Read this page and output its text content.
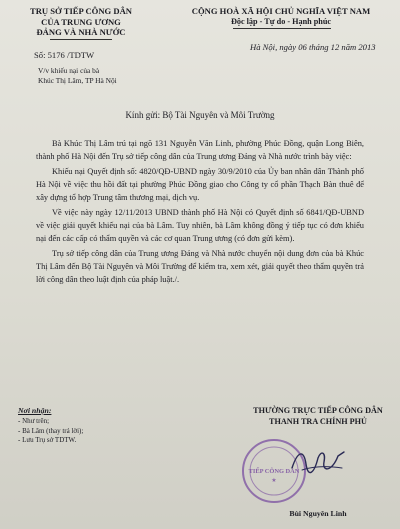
TRỤ SỞ TIẾP CÔNG DÂN
CỦA TRUNG ƯƠNG
ĐẢNG VÀ NHÀ NƯỚC
CỘNG HOÀ XÃ HỘI CHỦ NGHĨA VIỆT NAM
Độc lập - Tự do - Hạnh phúc
Số: 5176 /TDTW
V/v khiếu nại của bà
Khúc Thị Lâm, TP Hà Nội
Hà Nội, ngày 06 tháng 12 năm 2013
Kính gửi: Bộ Tài Nguyên và Môi Trường

Bà Khúc Thị Lâm trú tại ngõ 131 Nguyễn Văn Linh, phường Phúc Đồng, quận Long Biên, thành phố Hà Nội đến Trụ sở tiếp công dân của Trung ương Đảng và Nhà nước trình bày việc:

Khiếu nại Quyết định số: 4820/QĐ-UBND ngày 30/9/2010 của Ủy ban nhân dân Thành phố Hà Nội về việc thu hồi đất tại phường Phúc Đồng giao cho Công ty cổ phần Thạch Bàn thuê để xây dựng tổ hợp Trung tâm thương mại, dịch vụ.

Về việc này ngày 12/11/2013 UBND thành phố Hà Nội có Quyết định số 6841/QĐ-UBND về việc giải quyết khiếu nại của bà Lâm. Tuy nhiên, bà Lâm không đồng ý tiếp tục có đơn khiếu nại đến các cấp có thẩm quyền và các cơ quan Trung ương (có đơn gửi kèm).

Trụ sở tiếp công dân của Trung ương Đảng và Nhà nước chuyển nội dung đơn của bà Khúc Thị Lâm đến Bộ Tài Nguyên và Môi Trường để kiểm tra, xem xét, giải quyết theo thẩm quyền trả lời công dân theo luật định của pháp luật./.

Nơi nhận:
- Như trên;
- Bà Lâm (thay trả lời);
- Lưu Trụ sở TDTW.
THƯỜNG TRỰC TIẾP CÔNG DÂN
THANH TRA CHÍNH PHỦ
TIẾP CÔNG DÂN
★
Bùi Nguyên Linh
